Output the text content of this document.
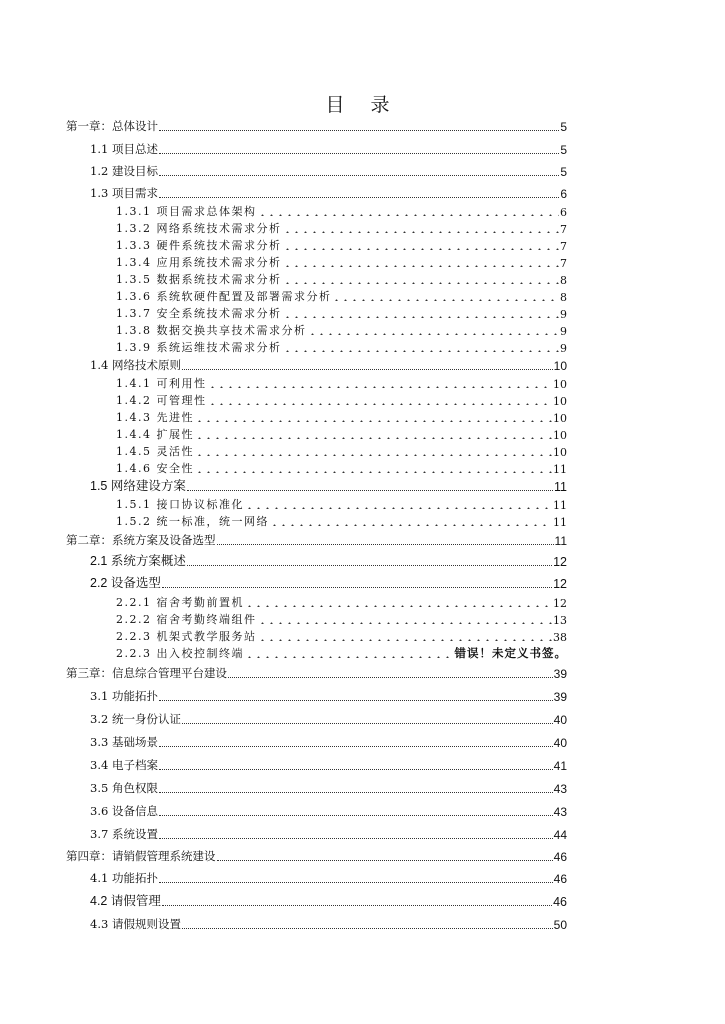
目 录
第一章：总体设计	5
1.1 项目总述	5
1.2 建设目标	5
1.3 项目需求	6
1.3.1 项目需求总体架构	6
1.3.2 网络系统技术需求分析	7
1.3.3 硬件系统技术需求分析	7
1.3.4 应用系统技术需求分析	7
1.3.5 数据系统技术需求分析	8
1.3.6 系统软硬件配置及部署需求分析	8
1.3.7 安全系统技术需求分析	9
1.3.8 数据交换共享技术需求分析	9
1.3.9 系统运维技术需求分析	9
1.4 网络技术原则	10
1.4.1 可利用性	10
1.4.2 可管理性	10
1.4.3 先进性	10
1.4.4 扩展性	10
1.4.5 灵活性	10
1.4.6 安全性	11
1.5 网络建设方案	11
1.5.1 接口协议标准化	11
1.5.2 统一标准，统一网络	11
第二章：系统方案及设备选型	11
2.1 系统方案概述	12
2.2 设备选型	12
2.2.1 宿舍考勤前置机	12
2.2.2 宿舍考勤终端组件	13
2.2.3 机架式教学服务站	38
2.2.3 出入校控制终端	错误！未定义书签。
第三章：信息综合管理平台建设	39
3.1 功能拓扑	39
3.2 统一身份认证	40
3.3 基础场景	40
3.4 电子档案	41
3.5 角色权限	43
3.6 设备信息	43
3.7 系统设置	44
第四章：请销假管理系统建设	46
4.1 功能拓扑	46
4.2 请假管理	46
4.3 请假规则设置	50
